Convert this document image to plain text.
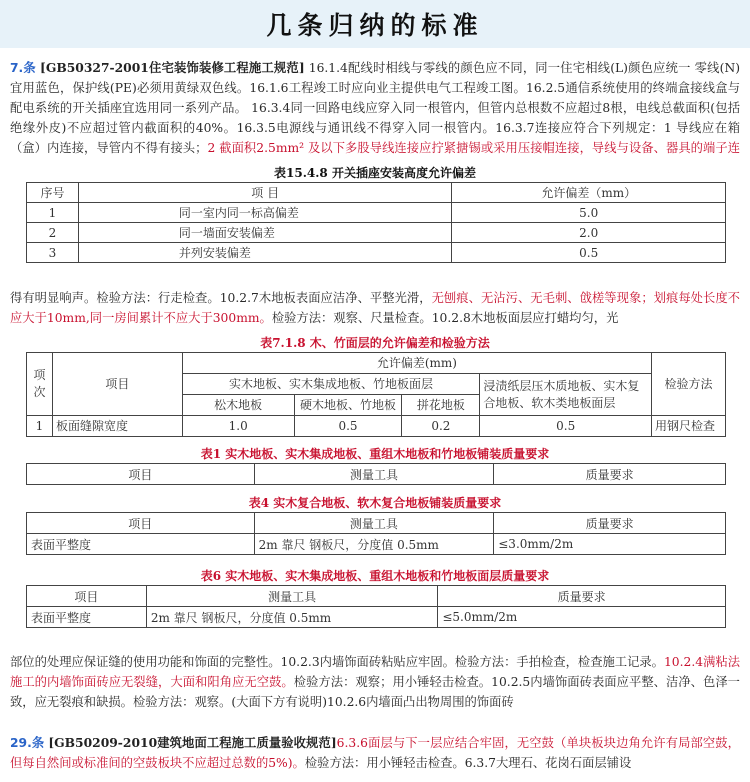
几条归纳的标准
7.条 [GB50327-2001住宅装饰装修工程施工规范] 16.1.4配线时相线与零线的颜色应不同，同一住宅相线(L)颜色应统一 零线(N)宜用蓝色，保护线(PE)必须用黄绿双色线。16.1.6工程竣工时应向业主提供电气工程竣工图。16.2.5通信系统使用的终端盒接线盒与配电系统的开关插座宜选用同一系列产品。 16.3.4同一回路电线应穿入同一根管内，但管内总根数不应超过8根，电线总截面积(包括绝缘外皮)不应超过管内截面积的40%。16.3.5电源线与通讯线不得穿入同一根管内。16.3.7连接应符合下列规定：1 导线应在箱（盒）内连接，导管内不得有接头；2 截面积2.5mm² 及以下多股导线连接应拧紧搪锡或采用压接帽连接，导线与设备、器具的端子连
表15.4.8 开关插座安装高度允许偏差
序号	项 目	允许偏差（mm）
1	同一室内同一标高偏差	5.0
2	同一墙面安装偏差	2.0
3	并列安装偏差	0.5
得有明显响声。检验方法：行走检查。10.2.7木地板表面应洁净、平整光滑，无刨痕、无沾污、无毛刺、戗槎等现象；划痕每处长度不应大于10mm,同一房间累计不应大于300mm。检验方法：观察、尺量检查。10.2.8木地板面层应打蜡均匀，光
表7.1.8 木、竹面层的允许偏差和检验方法
项次	项目	允许偏差(mm)				检验方法
		实木地板、实木集成地板、竹地板面层			浸渍纸层压木质地板、实木复合地板、软木类地板面层	
		松木地板	硬木地板、竹地板	拼花地板		
1	板面缝隙宽度	1.0	0.5	0.2	0.5	用钢尺检查
表1 实木地板、实木集成地板、重组木地板和竹地板铺装质量要求
项目	测量工具	质量要求
表4 实木复合地板、软木复合地板铺装质量要求
项目	测量工具	质量要求
表面平整度	2m 靠尺 钢板尺，分度值 0.5mm	≤3.0mm/2m
表6 实木地板、实木集成地板、重组木地板和竹地板面层质量要求
项目	测量工具	质量要求
表面平整度	2m 靠尺 钢板尺，分度值 0.5mm	≤5.0mm/2m
部位的处理应保证缝的使用功能和饰面的完整性。10.2.3内墙饰面砖粘贴应牢固。检验方法：手拍检查，检查施工记录。10.2.4满粘法施工的内墙饰面砖应无裂缝，大面和阳角应无空鼓。检验方法：观察；用小锤轻击检查。10.2.5内墙饰面砖表面应平整、洁净、色泽一致，应无裂痕和缺损。检验方法：观察。(大面下方有说明)10.2.6内墙面凸出物周围的饰面砖
29.条 [GB50209-2010建筑地面工程施工质量验收规范]6.3.6面层与下一层应结合牢固，无空鼓（单块板块边角允许有局部空鼓，但每自然间或标准间的空鼓板块不应超过总数的5%)。检验方法：用小锤轻击检查。6.3.7大理石、花岗石面层铺设
